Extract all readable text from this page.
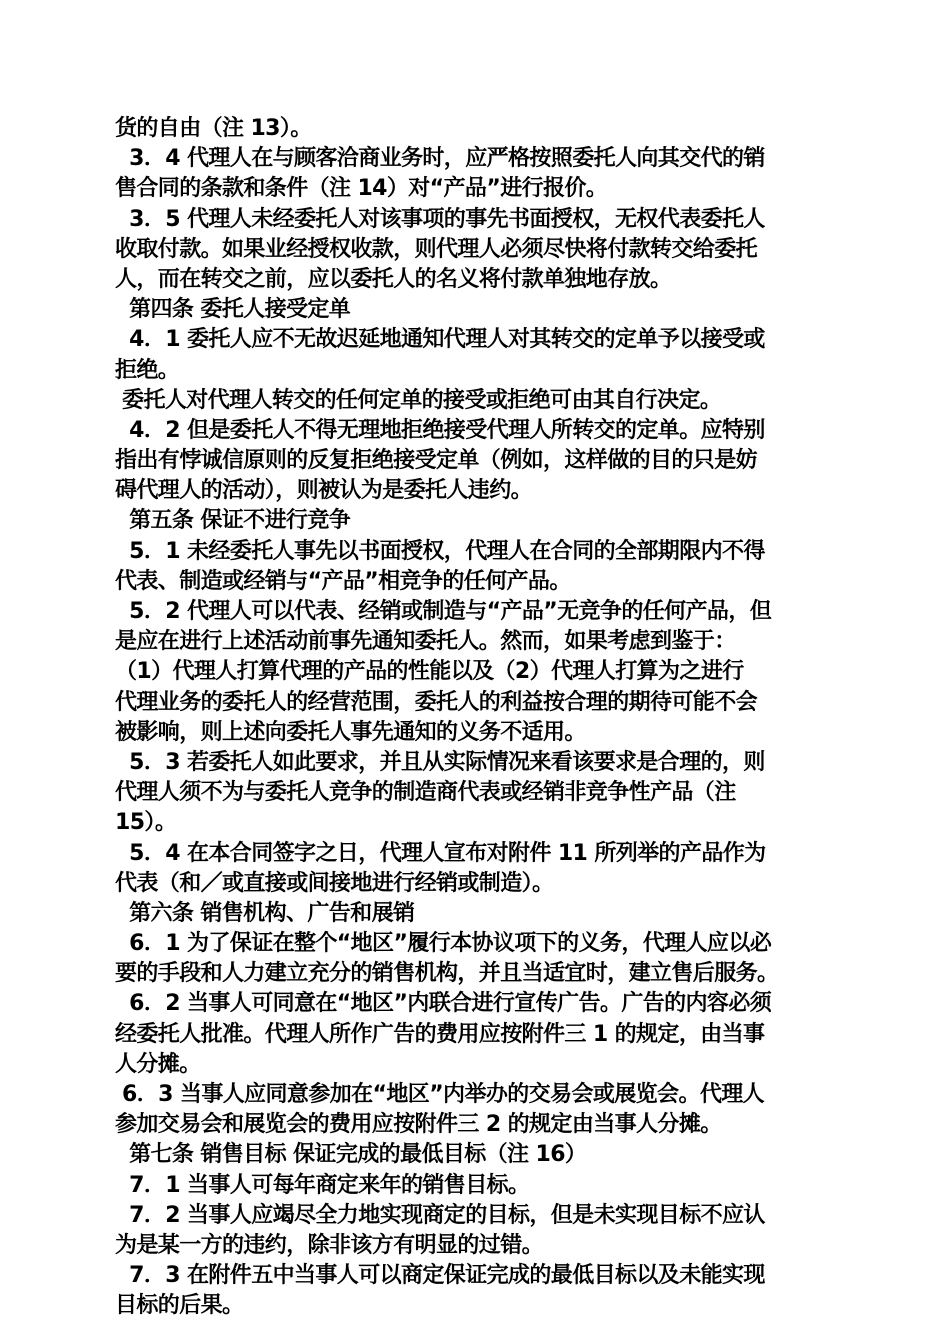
货的自由（注 13）。
3．4 代理人在与顾客洽商业务时，应严格按照委托人向其交代的销
售合同的条款和条件（注 14）对“产品”进行报价。
3．5 代理人未经委托人对该事项的事先书面授权，无权代表委托人
收取付款。如果业经授权收款，则代理人必须尽快将付款转交给委托
人，而在转交之前，应以委托人的名义将付款单独地存放。
第四条 委托人接受定单
4．1 委托人应不无故迟延地通知代理人对其转交的定单予以接受或
拒绝。
委托人对代理人转交的任何定单的接受或拒绝可由其自行决定。
4．2 但是委托人不得无理地拒绝接受代理人所转交的定单。应特别
指出有悖诚信原则的反复拒绝接受定单（例如，这样做的目的只是妨
碍代理人的活动），则被认为是委托人违约。
第五条 保证不进行竞争
5．1 未经委托人事先以书面授权，代理人在合同的全部期限内不得
代表、制造或经销与“产品”相竞争的任何产品。
5．2 代理人可以代表、经销或制造与“产品”无竞争的任何产品，但
是应在进行上述活动前事先通知委托人。然而，如果考虑到鉴于：
（1）代理人打算代理的产品的性能以及（2）代理人打算为之进行
代理业务的委托人的经营范围，委托人的利益按合理的期待可能不会
被影响，则上述向委托人事先通知的义务不适用。
5．3 若委托人如此要求，并且从实际情况来看该要求是合理的，则
代理人须不为与委托人竞争的制造商代表或经销非竞争性产品（注
15）。
5．4 在本合同签字之日，代理人宣布对附件 11 所列举的产品作为
代表（和／或直接或间接地进行经销或制造）。
第六条 销售机构、广告和展销
6．1 为了保证在整个“地区”履行本协议项下的义务，代理人应以必
要的手段和人力建立充分的销售机构，并且当适宜时，建立售后服务。
6．2 当事人可同意在“地区”内联合进行宣传广告。广告的内容必须
经委托人批准。代理人所作广告的费用应按附件三 1 的规定，由当事
人分摊。
6．3 当事人应同意参加在“地区”内举办的交易会或展览会。代理人
参加交易会和展览会的费用应按附件三 2 的规定由当事人分摊。
第七条 销售目标 保证完成的最低目标（注 16）
7．1 当事人可每年商定来年的销售目标。
7．2 当事人应竭尽全力地实现商定的目标，但是未实现目标不应认
为是某一方的违约，除非该方有明显的过错。
7．3 在附件五中当事人可以商定保证完成的最低目标以及未能实现
目标的后果。
